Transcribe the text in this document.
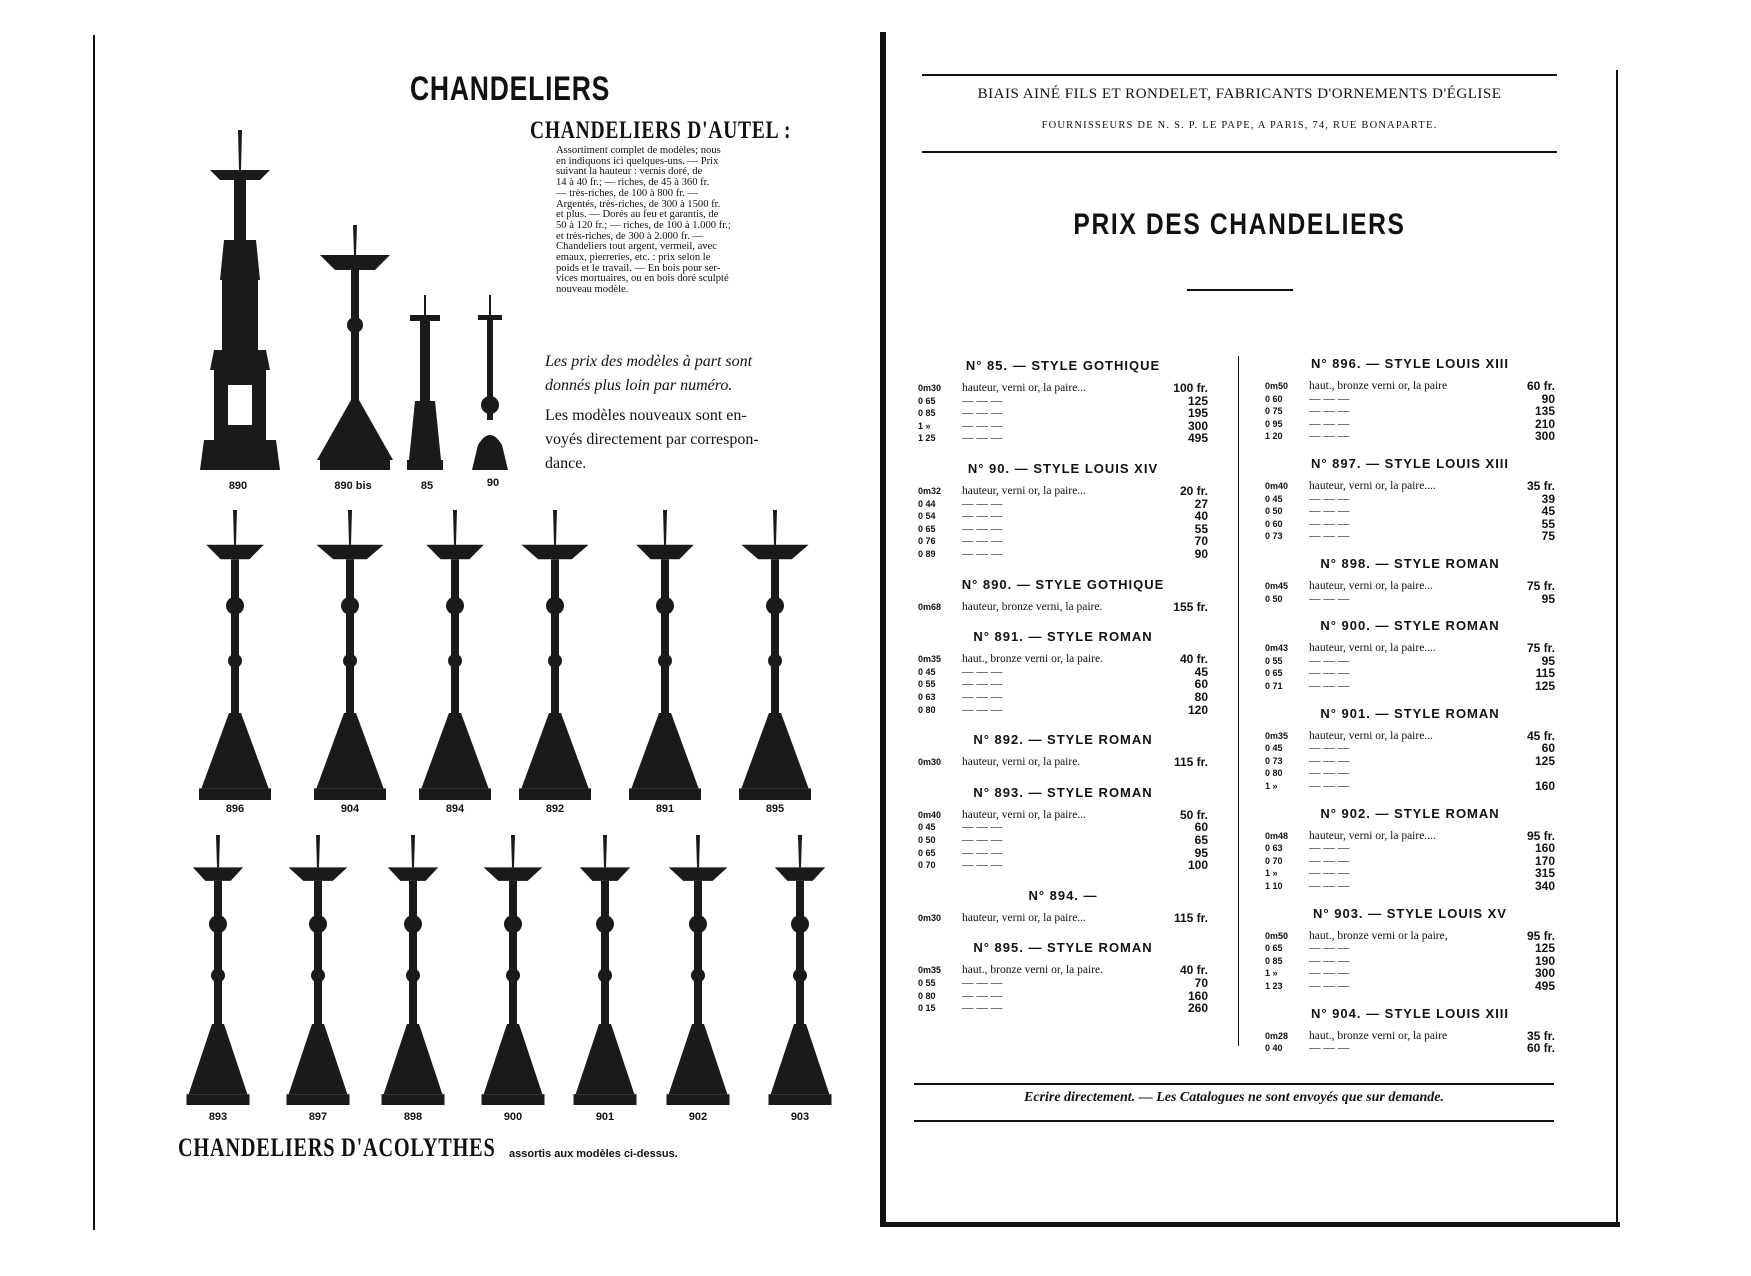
CHANDELIERS
CHANDELIERS D'AUTEL :
Assortiment complet de modèles; nous
en indiquons ici quelques-uns. — Prix
suivant la hauteur : vernis doré, de
14 à 40 fr.; — riches, de 45 à 360 fr.
— très-riches, de 100 à 800 fr. —
Argentés, très-riches, de 300 à 1500 fr.
et plus. — Dorés au feu et garantis, de
50 à 120 fr.; — riches, de 100 à 1.000 fr.;
et très-riches, de 300 à 2.000 fr. —
Chandeliers tout argent, vermeil, avec
emaux, pierreries, etc. : prix selon le
poids et le travail. — En bois pour ser-
vices mortuaires, ou en bois doré sculpté
nouveau modèle.
Les prix des modèles à part sont
donnés plus loin par numéro.
Les modèles nouveaux sont en-
voyés directement par correspon-
dance.
890	890 bis	85	90
896	904	894	892	891	895
893	897	898	900	901	902	903
CHANDELIERS D'ACOLYTHES assortis aux modèles ci-dessus.
BIAIS AINÉ FILS ET RONDELET, FABRICANTS D'ORNEMENTS D'ÉGLISE
FOURNISSEURS DE N. S. P. LE PAPE, A PARIS, 74, RUE BONAPARTE.
PRIX DES CHANDELIERS
N° 85. — STYLE GOTHIQUE
0m30	hauteur, verni or, la paire...	100 fr.
0 65	— — —	125
0 85	— — —	195
1 »	— — —	300
1 25	— — —	495
N° 90. — STYLE LOUIS XIV
0m32	hauteur, verni or, la paire...	20 fr.
0 44	— — —	27
0 54	— — —	40
0 65	— — —	55
0 76	— — —	70
0 89	— — —	90
N° 890. — STYLE GOTHIQUE
0m68	hauteur, bronze verni, la paire.	155 fr.
N° 891. — STYLE ROMAN
0m35	haut., bronze verni or, la paire.	40 fr.
0 45	— — —	45
0 55	— — —	60
0 63	— — —	80
0 80	— — —	120
N° 892. — STYLE ROMAN
0m30	hauteur, verni or, la paire.	115 fr.
N° 893. — STYLE ROMAN
0m40	hauteur, verni or, la paire...	50 fr.
0 45	— — —	60
0 50	— — —	65
0 65	— — —	95
0 70	— — —	100
N° 894. —
0m30	hauteur, verni or, la paire...	115 fr.
N° 895. — STYLE ROMAN
0m35	haut., bronze verni or, la paire.	40 fr.
0 55	— — —	70
0 80	— — —	160
0 15	— — —	260
N° 896. — STYLE LOUIS XIII
0m50	haut., bronze verni or, la paire	60 fr.
0 60	— — —	90
0 75	— — —	135
0 95	— — —	210
1 20	— — —	300
N° 897. — STYLE LOUIS XIII
0m40	hauteur, verni or, la paire....	35 fr.
0 45	— — —	39
0 50	— — —	45
0 60	— — —	55
0 73	— — —	75
N° 898. — STYLE ROMAN
0m45	hauteur, verni or, la paire...	75 fr.
0 50	— — —	95
N° 900. — STYLE ROMAN
0m43	hauteur, verni or, la paire....	75 fr.
0 55	— — —	95
0 65	— — —	115
0 71	— — —	125
N° 901. — STYLE ROMAN
0m35	hauteur, verni or, la paire...	45 fr.
0 45	— — —	60
0 73	— — —	125
0 80	— — —
1 »	— — —	160
N° 902. — STYLE ROMAN
0m48	hauteur, verni or, la paire....	95 fr.
0 63	— — —	160
0 70	— — —	170
1 »	— — —	315
1 10	— — —	340
N° 903. — STYLE LOUIS XV
0m50	haut., bronze verni or la paire,	95 fr.
0 65	— — —	125
0 85	— — —	190
1 »	— — —	300
1 23	— — —	495
N° 904. — STYLE LOUIS XIII
0m28	haut., bronze verni or, la paire	35 fr.
0 40	— — —	60 fr.
Ecrire directement. — Les Catalogues ne sont envoyés que sur demande.
